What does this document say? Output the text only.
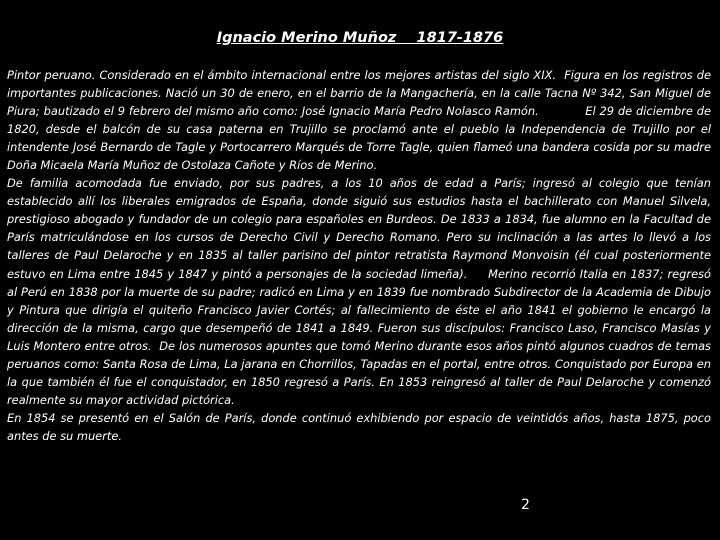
Ignacio Merino Muñoz    1817-1876

Pintor peruano. Considerado en el ámbito internacional entre los mejores artistas del siglo XIX.  Figura en los registros de importantes publicaciones. Nació un 30 de enero, en el barrio de la Mangachería, en la calle Tacna Nº 342, San Miguel de Piura; bautizado el 9 febrero del mismo año como: José Ignacio María Pedro Nolasco Ramón.            El 29 de diciembre de 1820, desde el balcón de su casa paterna en Trujillo se proclamó ante el pueblo la Independencia de Trujillo por el intendente José Bernardo de Tagle y Portocarrero Marqués de Torre Tagle, quien flameó una bandera cosida por su madre Doña Micaela María Muñoz de Ostolaza Cañote y Ríos de Merino.

De familia acomodada fue enviado, por sus padres, a los 10 años de edad a París; ingresó al colegio que tenían establecido allí los liberales emigrados de España, donde siguió sus estudios hasta el bachillerato con Manuel Silvela, prestigioso abogado y fundador de un colegio para españoles en Burdeos. De 1833 a 1834, fue alumno en la Facultad de París matriculándose en los cursos de Derecho Civil y Derecho Romano. Pero su inclinación a las artes lo llevó a los talleres de Paul Delaroche y en 1835 al taller parisino del pintor retratista Raymond Monvoisin (él cual posteriormente estuvo en Lima entre 1845 y 1847 y pintó a personajes de la sociedad limeña).     Merino recorrió Italia en 1837; regresó al Perú en 1838 por la muerte de su padre; radicó en Lima y en 1839 fue nombrado Subdirector de la Academia de Dibujo y Pintura que dirigía el quiteño Francisco Javier Cortés; al fallecimiento de éste el año 1841 el gobierno le encargó la dirección de la misma, cargo que desempeñó de 1841 a 1849. Fueron sus discípulos: Francisco Laso, Francisco Masías y Luis Montero entre otros.  De los numerosos apuntes que tomó Merino durante esos años pintó algunos cuadros de temas peruanos como: Santa Rosa de Lima, La jarana en Chorrillos, Tapadas en el portal, entre otros. Conquistado por Europa en la que también él fue el conquistador, en 1850 regresó a París. En 1853 reingresó al taller de Paul Delaroche y comenzó realmente su mayor actividad pictórica.

En 1854 se presentó en el Salón de París, donde continuó exhibiendo por espacio de veintidós años, hasta 1875, poco antes de su muerte.

2
